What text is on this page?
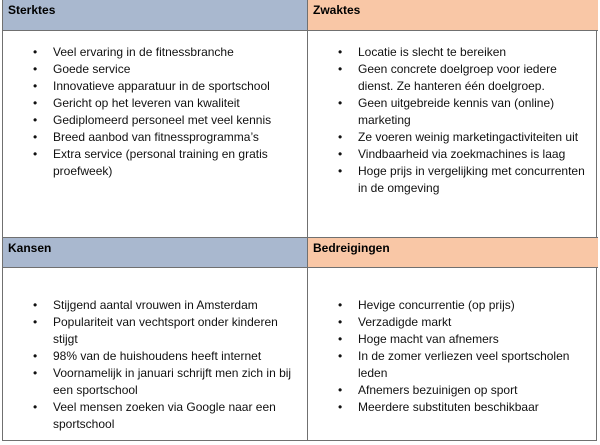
Sterktes	Zwaktes
• Veel ervaring in de fitnessbranche
• Goede service
• Innovatieve apparatuur in de sportschool
• Gericht op het leveren van kwaliteit
• Gediplomeerd personeel met veel kennis
• Breed aanbod van fitnessprogramma’s
• Extra service (personal training en gratis proefweek)
• Locatie is slecht te bereiken
• Geen concrete doelgroep voor iedere dienst. Ze hanteren één doelgroep.
• Geen uitgebreide kennis van (online) marketing
• Ze voeren weinig marketingactiviteiten uit
• Vindbaarheid via zoekmachines is laag
• Hoge prijs in vergelijking met concurrenten in de omgeving
Kansen	Bedreigingen
• Stijgend aantal vrouwen in Amsterdam
• Populariteit van vechtsport onder kinderen stijgt
• 98% van de huishoudens heeft internet
• Voornamelijk in januari schrijft men zich in bij een sportschool
• Veel mensen zoeken via Google naar een sportschool
• Hevige concurrentie (op prijs)
• Verzadigde markt
• Hoge macht van afnemers
• In de zomer verliezen veel sportscholen leden
• Afnemers bezuinigen op sport
• Meerdere substituten beschikbaar
